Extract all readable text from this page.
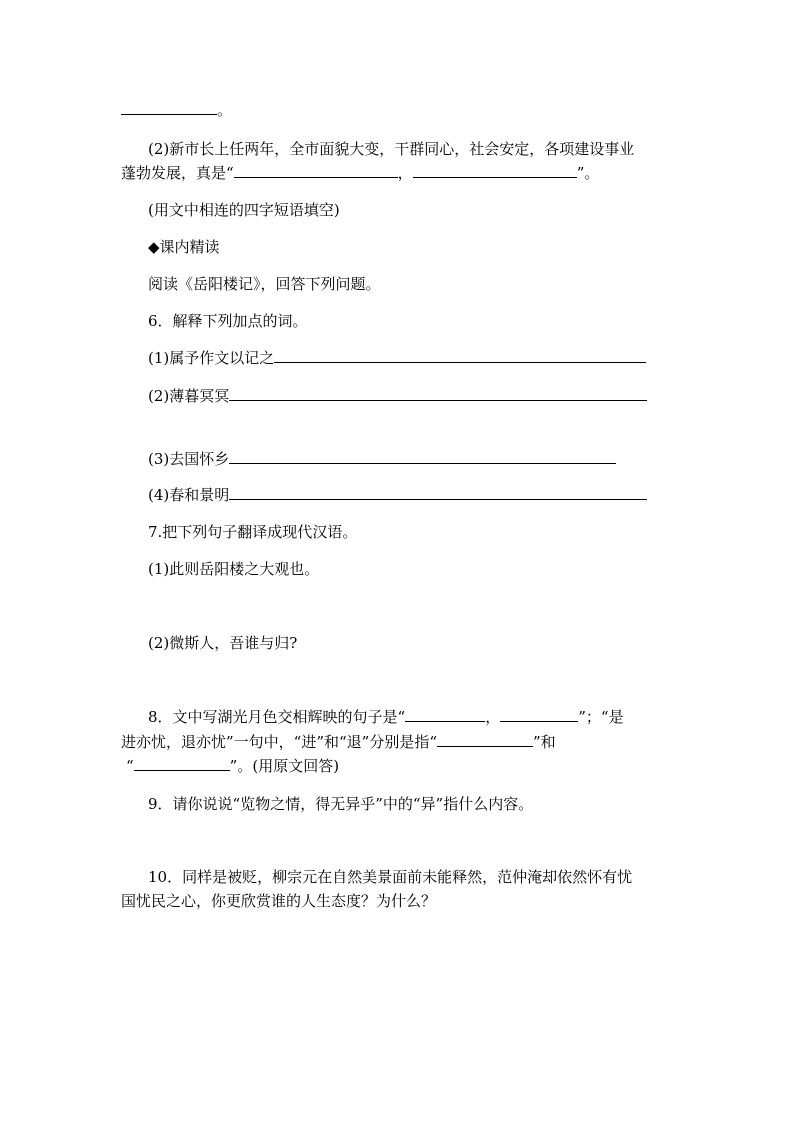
。
(2)新市长上任两年，全市面貌大变，干群同心，社会安定，各项建设事业
蓬勃发展，真是“	，	”。
(用文中相连的四字短语填空)
◆课内精读
阅读《岳阳楼记》，回答下列问题。
6．解释下列加点的词。
(1)属予作文以记之
(2)薄暮冥冥
(3)去国怀乡
(4)春和景明
7.把下列句子翻译成现代汉语。
(1)此则岳阳楼之大观也。
(2)微斯人，吾谁与归?
8．文中写湖光月色交相辉映的句子是“	，	”；“是
进亦忧，退亦忧”一句中，“进”和“退”分别是指“	”和
“	”。(用原文回答)
9．请你说说“览物之情，得无异乎”中的“异”指什么内容。
10．同样是被贬，柳宗元在自然美景面前未能释然，范仲淹却依然怀有忧
国忧民之心，你更欣赏谁的人生态度？为什么？
